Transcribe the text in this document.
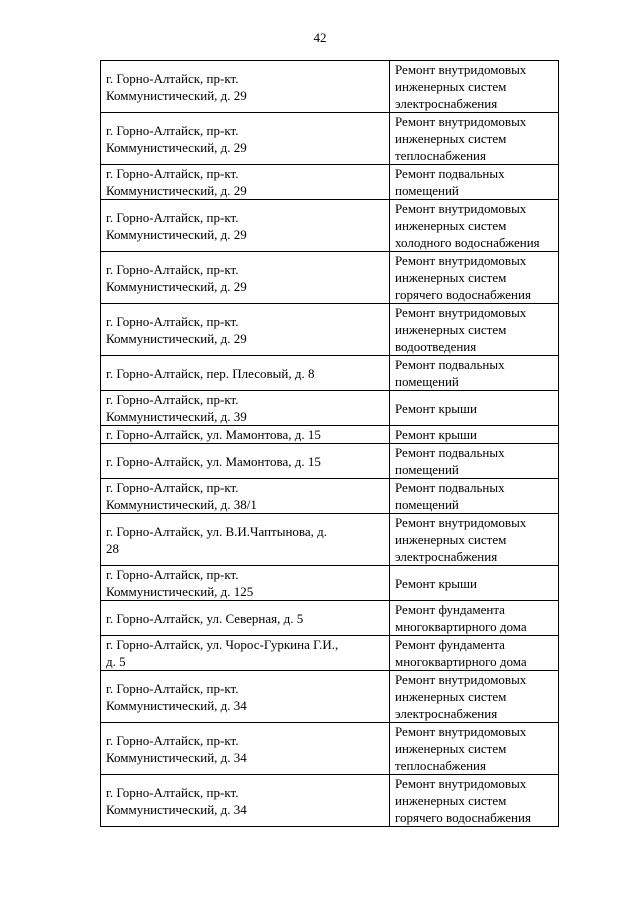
42
г. Горно-Алтайск, пр-кт.
Коммунистический, д. 29	Ремонт внутридомовых
инженерных систем
электроснабжения
г. Горно-Алтайск, пр-кт.
Коммунистический, д. 29	Ремонт внутридомовых
инженерных систем
теплоснабжения
г. Горно-Алтайск, пр-кт.
Коммунистический, д. 29	Ремонт подвальных
помещений
г. Горно-Алтайск, пр-кт.
Коммунистический, д. 29	Ремонт внутридомовых
инженерных систем
холодного водоснабжения
г. Горно-Алтайск, пр-кт.
Коммунистический, д. 29	Ремонт внутридомовых
инженерных систем
горячего водоснабжения
г. Горно-Алтайск, пр-кт.
Коммунистический, д. 29	Ремонт внутридомовых
инженерных систем
водоотведения
г. Горно-Алтайск, пер. Плесовый, д. 8	Ремонт подвальных
помещений
г. Горно-Алтайск, пр-кт.
Коммунистический, д. 39	Ремонт крыши
г. Горно-Алтайск, ул. Мамонтова, д. 15	Ремонт крыши
г. Горно-Алтайск, ул. Мамонтова, д. 15	Ремонт подвальных
помещений
г. Горно-Алтайск, пр-кт.
Коммунистический, д. 38/1	Ремонт подвальных
помещений
г. Горно-Алтайск, ул. В.И.Чаптынова, д.
28	Ремонт внутридомовых
инженерных систем
электроснабжения
г. Горно-Алтайск, пр-кт.
Коммунистический, д. 125	Ремонт крыши
г. Горно-Алтайск, ул. Северная, д. 5	Ремонт фундамента
многоквартирного дома
г. Горно-Алтайск, ул. Чорос-Гуркина Г.И.,
д. 5	Ремонт фундамента
многоквартирного дома
г. Горно-Алтайск, пр-кт.
Коммунистический, д. 34	Ремонт внутридомовых
инженерных систем
электроснабжения
г. Горно-Алтайск, пр-кт.
Коммунистический, д. 34	Ремонт внутридомовых
инженерных систем
теплоснабжения
г. Горно-Алтайск, пр-кт.
Коммунистический, д. 34	Ремонт внутридомовых
инженерных систем
горячего водоснабжения
